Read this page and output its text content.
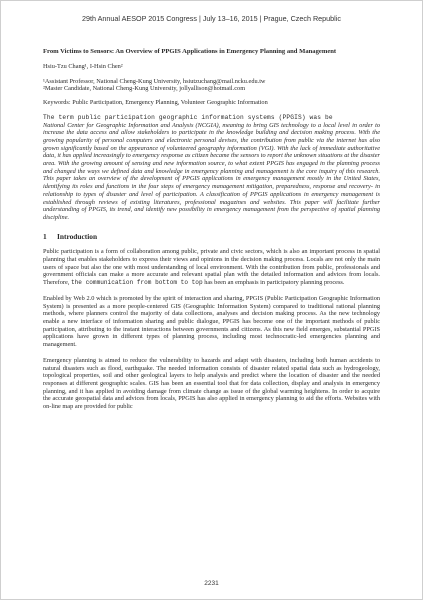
29th Annual AESOP 2015 Congress | July 13–16, 2015 | Prague, Czech Republic

From Victims to Sensors: An Overview of PPGIS Applications in Emergency Planning and Management

Hsiu-Tzu Chang¹, I-Hsin Chen²

¹Assistant Professor, National Cheng-Kung University, hsiutzuchang@mail.ncku.edu.tw

²Master Candidate, National Cheng-Kung University, jollyallison@hotmail.com

Keywords: Public Participation, Emergency Planning, Volunteer Geographic Information

The term public participation geographic information systems (PPGIS) was be
National Center for Geographic Information and Analysis (NCGIA), meaning to bring GIS technology to a local level in order to increase the data access and allow stakeholders to participate in the knowledge building and decision making process. With the growing popularity of personal computers and electronic personal devises, the contribution from public via the internet has also grown significantly based on the appearance of volunteered geography information (VGI). With the lack of immediate authoritative data, it has applied increasingly to emergency response as citizen became the sensors to report the unknown situations at the disaster area. With the growing amount of sensing and new information source, to what extent PPGIS has engaged in the planning process and changed the ways we defined data and knowledge in emergency planning and management is the core inquiry of this research. This paper takes an overview of the development of PPGIS applications in emergency management mostly in the United States, identifying its roles and functions in the four steps of emergency management mitigation, preparedness, response and recovery- in relationship to types of disaster and level of participation. A classification of PPGIS applications in emergency management is established through reviews of existing literatures, professional magazines and websites. This paper will facilitate further understanding of PPGIS, its trend, and identify new possibility in emergency management from the perspective of spatial planning discipline.

1 Introduction

Public participation is a form of collaboration among public, private and civic sectors, which is also an important process in spatial planning that enables stakeholders to express their views and opinions in the decision making process. Locals are not only the main users of space but also the one with most understanding of local environment. With the contribution from public, professionals and government officials can make a more accurate and relevant spatial plan with the detailed information and advices from locals. Therefore, the communication from bottom to top has been an emphasis in participatory planning process.

Enabled by Web 2.0 which is promoted by the spirit of interaction and sharing, PPGIS (Public Participation Geographic Information System) is presented as a more people-centered GIS (Geographic Information System) compared to traditional rational planning methods, where planners control the majority of data collections, analyses and decision making process. As the new technology enable a new interface of information sharing and public dialogue, PPGIS has become one of the important methods of public participation, attributing to the instant interactions between governments and citizens. As this new field emerges, substantial PPGIS applications have grown in different types of planning process, including most technocratic-led emergencies planning and management.

Emergency planning is aimed to reduce the vulnerability to hazards and adapt with disasters, including both human accidents to natural disasters such as flood, earthquake. The needed information consists of disaster related spatial data such as hydrogeology, topological properties, soil and other geological layers to help analysis and predict where the location of disaster and the needed responses at different geographic scales. GIS has been an essential tool that for data collection, display and analysis in emergency planning, and it has applied in avoiding damage from climate change as issue of the global warming heightens. In order to acquire the accurate geospatial data and advices from locals, PPGIS has also applied in emergency planning to aid the efforts. Websites with on-line map are provided for public

2231
